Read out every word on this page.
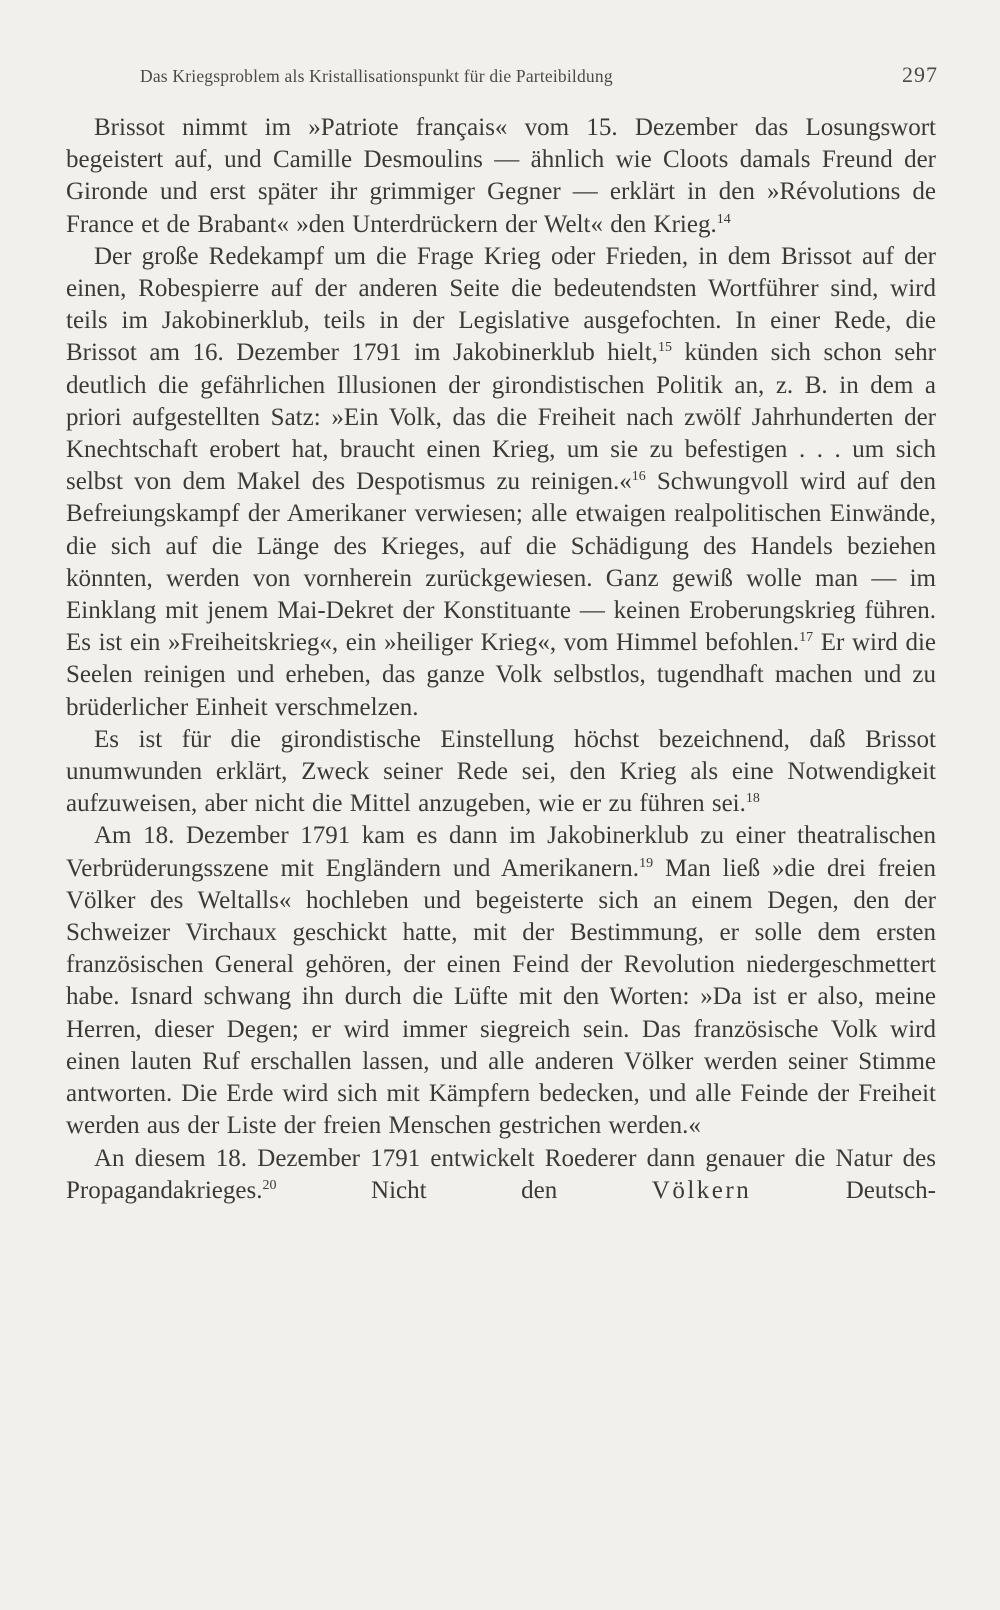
Das Kriegsproblem als Kristallisationspunkt für die Parteibildung	297

Brissot nimmt im »Patriote français« vom 15. Dezember das Losungswort begeistert auf, und Camille Desmoulins — ähnlich wie Cloots damals Freund der Gironde und erst später ihr grimmiger Gegner — erklärt in den »Révolutions de France et de Brabant« »den Unterdrückern der Welt« den Krieg.$^{14}$

Der große Redekampf um die Frage Krieg oder Frieden, in dem Brissot auf der einen, Robespierre auf der anderen Seite die bedeutendsten Wortführer sind, wird teils im Jakobinerklub, teils in der Legislative ausgefochten. In einer Rede, die Brissot am 16. Dezember 1791 im Jakobinerklub hielt,$^{15}$ künden sich schon sehr deutlich die gefährlichen Illusionen der girondistischen Politik an, z. B. in dem a priori aufgestellten Satz: »Ein Volk, das die Freiheit nach zwölf Jahrhunderten der Knechtschaft erobert hat, braucht einen Krieg, um sie zu befestigen . . . um sich selbst von dem Makel des Despotismus zu reinigen.«$^{16}$ Schwungvoll wird auf den Befreiungskampf der Amerikaner verwiesen; alle etwaigen realpolitischen Einwände, die sich auf die Länge des Krieges, auf die Schädigung des Handels beziehen könnten, werden von vornherein zurückgewiesen. Ganz gewiß wolle man — im Einklang mit jenem Mai-Dekret der Konstituante — keinen Eroberungskrieg führen. Es ist ein »Freiheitskrieg«, ein »heiliger Krieg«, vom Himmel befohlen.$^{17}$ Er wird die Seelen reinigen und erheben, das ganze Volk selbstlos, tugendhaft machen und zu brüderlicher Einheit verschmelzen.

Es ist für die girondistische Einstellung höchst bezeichnend, daß Brissot unumwunden erklärt, Zweck seiner Rede sei, den Krieg als eine Notwendigkeit aufzuweisen, aber nicht die Mittel anzugeben, wie er zu führen sei.$^{18}$

Am 18. Dezember 1791 kam es dann im Jakobinerklub zu einer theatralischen Verbrüderungsszene mit Engländern und Amerikanern.$^{19}$ Man ließ »die drei freien Völker des Weltalls« hochleben und begeisterte sich an einem Degen, den der Schweizer Virchaux geschickt hatte, mit der Bestimmung, er solle dem ersten französischen General gehören, der einen Feind der Revolution niedergeschmettert habe. Isnard schwang ihn durch die Lüfte mit den Worten: »Da ist er also, meine Herren, dieser Degen; er wird immer siegreich sein. Das französische Volk wird einen lauten Ruf erschallen lassen, und alle anderen Völker werden seiner Stimme antworten. Die Erde wird sich mit Kämpfern bedecken, und alle Feinde der Freiheit werden aus der Liste der freien Menschen gestrichen werden.«

An diesem 18. Dezember 1791 entwickelt Roederer dann genauer die Natur des Propagandakrieges.$^{20}$ Nicht den Völkern Deutsch-
